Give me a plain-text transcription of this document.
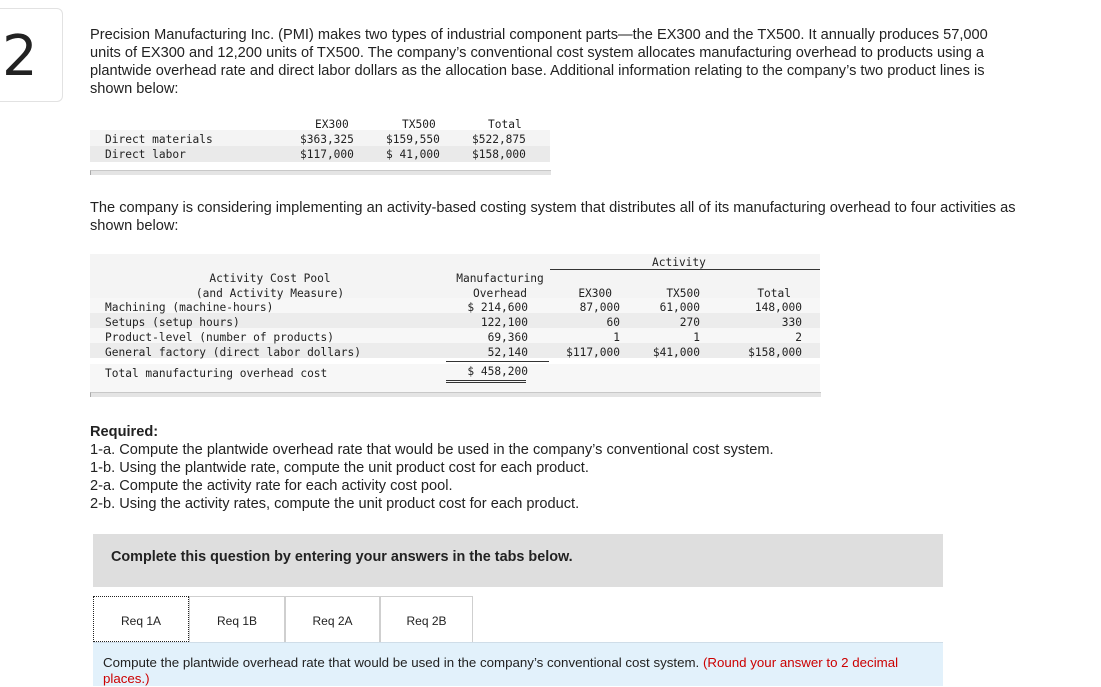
2	Precision Manufacturing Inc. (PMI) makes two types of industrial component parts—the EX300 and the TX500. It annually produces 57,000 units of EX300 and 12,200 units of TX500. The company’s conventional cost system allocates manufacturing overhead to products using a plantwide overhead rate and direct labor dollars as the allocation base. Additional information relating to the company’s two product lines is shown below:
EX300	TX500	Total
Direct materials	$363,325	$159,550	$522,875
Direct labor	$117,000	$ 41,000	$158,000
The company is considering implementing an activity-based costing system that distributes all of its manufacturing overhead to four activities as shown below:
Activity
Activity Cost Pool
(and Activity Measure)
Manufacturing
Overhead	EX300	TX500	Total
Machining (machine-hours)	$ 214,600	87,000	61,000	148,000
Setups (setup hours)	122,100	60	270	330
Product-level (number of products)	69,360	1	1	2
General factory (direct labor dollars)	52,140	$117,000	$41,000	$158,000
Total manufacturing overhead cost	$ 458,200
Required:
1-a. Compute the plantwide overhead rate that would be used in the company’s conventional cost system.
1-b. Using the plantwide rate, compute the unit product cost for each product.
2-a. Compute the activity rate for each activity cost pool.
2-b. Using the activity rates, compute the unit product cost for each product.
Complete this question by entering your answers in the tabs below.
Req 1A	Req 1B	Req 2A	Req 2B
Compute the plantwide overhead rate that would be used in the company’s conventional cost system. (Round your answer to 2 decimal places.)
